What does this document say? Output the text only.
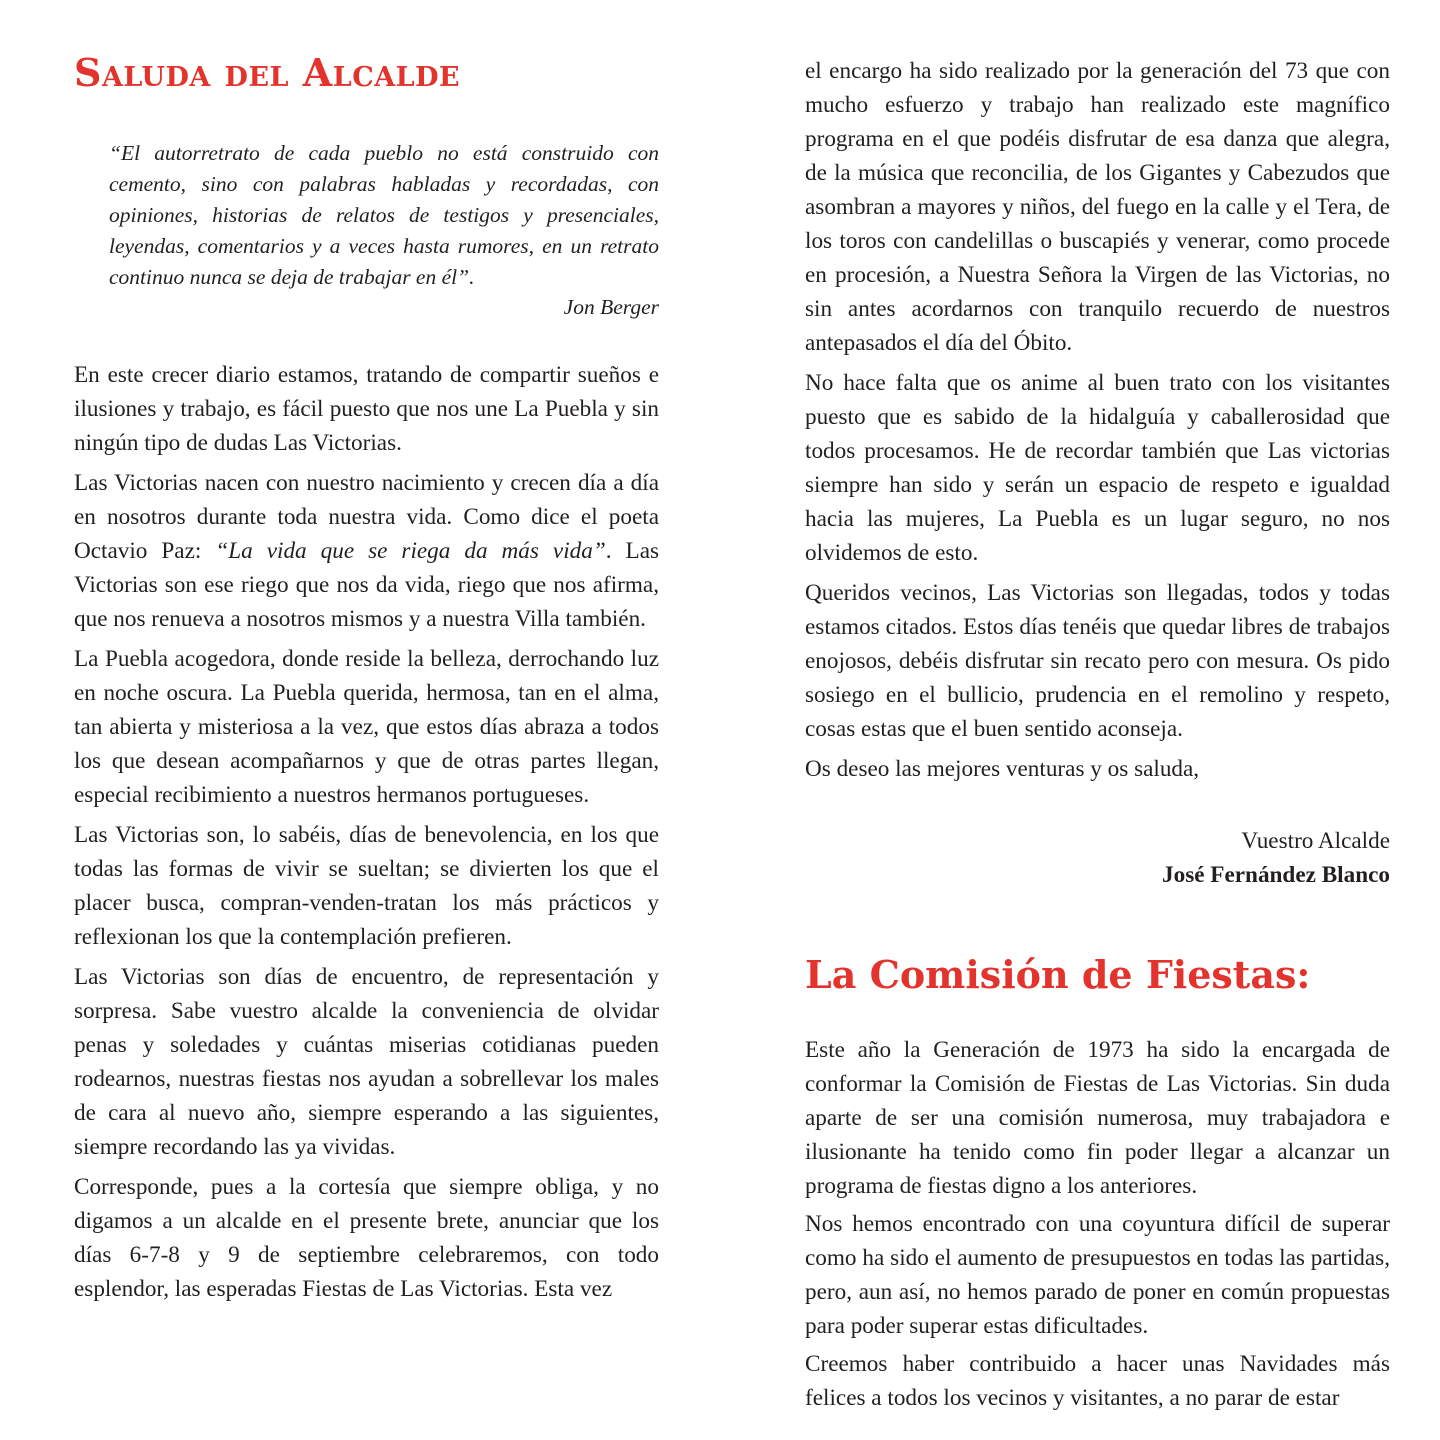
Saluda del Alcalde

“El autorretrato de cada pueblo no está construido con cemento, sino con palabras habladas y recordadas, con opiniones, historias de relatos de testigos y presenciales, leyendas, comentarios y a veces hasta rumores, en un retrato continuo nunca se deja de trabajar en él”.

Jon Berger

En este crecer diario estamos, tratando de compartir sueños e ilusiones y trabajo, es fácil puesto que nos une La Puebla y sin ningún tipo de dudas Las Victorias.

Las Victorias nacen con nuestro nacimiento y crecen día a día en nosotros durante toda nuestra vida. Como dice el poeta Octavio Paz: “La vida que se riega da más vida”. Las Victorias son ese riego que nos da vida, riego que nos afirma, que nos renueva a nosotros mismos y a nuestra Villa también.

La Puebla acogedora, donde reside la belleza, derrochando luz en noche oscura. La Puebla querida, hermosa, tan en el alma, tan abierta y misteriosa a la vez, que estos días abraza a todos los que desean acompañarnos y que de otras partes llegan, especial recibimiento a nuestros hermanos portugueses.

Las Victorias son, lo sabéis, días de benevolencia, en los que todas las formas de vivir se sueltan; se divierten los que el placer busca, compran-venden-tratan los más prácticos y reflexionan los que la contemplación prefieren.

Las Victorias son días de encuentro, de representación y sorpresa. Sabe vuestro alcalde la conveniencia de olvidar penas y soledades y cuántas miserias cotidianas pueden rodearnos, nuestras fiestas nos ayudan a sobrellevar los males de cara al nuevo año, siempre esperando a las siguientes, siempre recordando las ya vividas.

Corresponde, pues a la cortesía que siempre obliga, y no digamos a un alcalde en el presente brete, anunciar que los días 6-7-8 y 9 de septiembre celebraremos, con todo esplendor, las esperadas Fiestas de Las Victorias. Esta vez

el encargo ha sido realizado por la generación del 73 que con mucho esfuerzo y trabajo han realizado este magnífico programa en el que podéis disfrutar de esa danza que alegra, de la música que reconcilia, de los Gigantes y Cabezudos que asombran a mayores y niños, del fuego en la calle y el Tera, de los toros con candelillas o buscapiés y venerar, como procede en procesión, a Nuestra Señora la Virgen de las Victorias, no sin antes acordarnos con tranquilo recuerdo de nuestros antepasados el día del Óbito.

No hace falta que os anime al buen trato con los visitantes puesto que es sabido de la hidalguía y caballerosidad que todos procesamos. He de recordar también que Las victorias siempre han sido y serán un espacio de respeto e igualdad hacia las mujeres, La Puebla es un lugar seguro, no nos olvidemos de esto.

Queridos vecinos, Las Victorias son llegadas, todos y todas estamos citados. Estos días tenéis que quedar libres de trabajos enojosos, debéis disfrutar sin recato pero con mesura. Os pido sosiego en el bullicio, prudencia en el remolino y respeto, cosas estas que el buen sentido aconseja.

Os deseo las mejores venturas y os saluda,

Vuestro Alcalde
José Fernández Blanco
La Comisión de Fiestas:

Este año la Generación de 1973 ha sido la encargada de conformar la Comisión de Fiestas de Las Victorias. Sin duda aparte de ser una comisión numerosa, muy trabajadora e ilusionante ha tenido como fin poder llegar a alcanzar un programa de fiestas digno a los anteriores.

Nos hemos encontrado con una coyuntura difícil de superar como ha sido el aumento de presupuestos en todas las partidas, pero, aun así, no hemos parado de poner en común propuestas para poder superar estas dificultades.

Creemos haber contribuido a hacer unas Navidades más felices a todos los vecinos y visitantes, a no parar de estar
